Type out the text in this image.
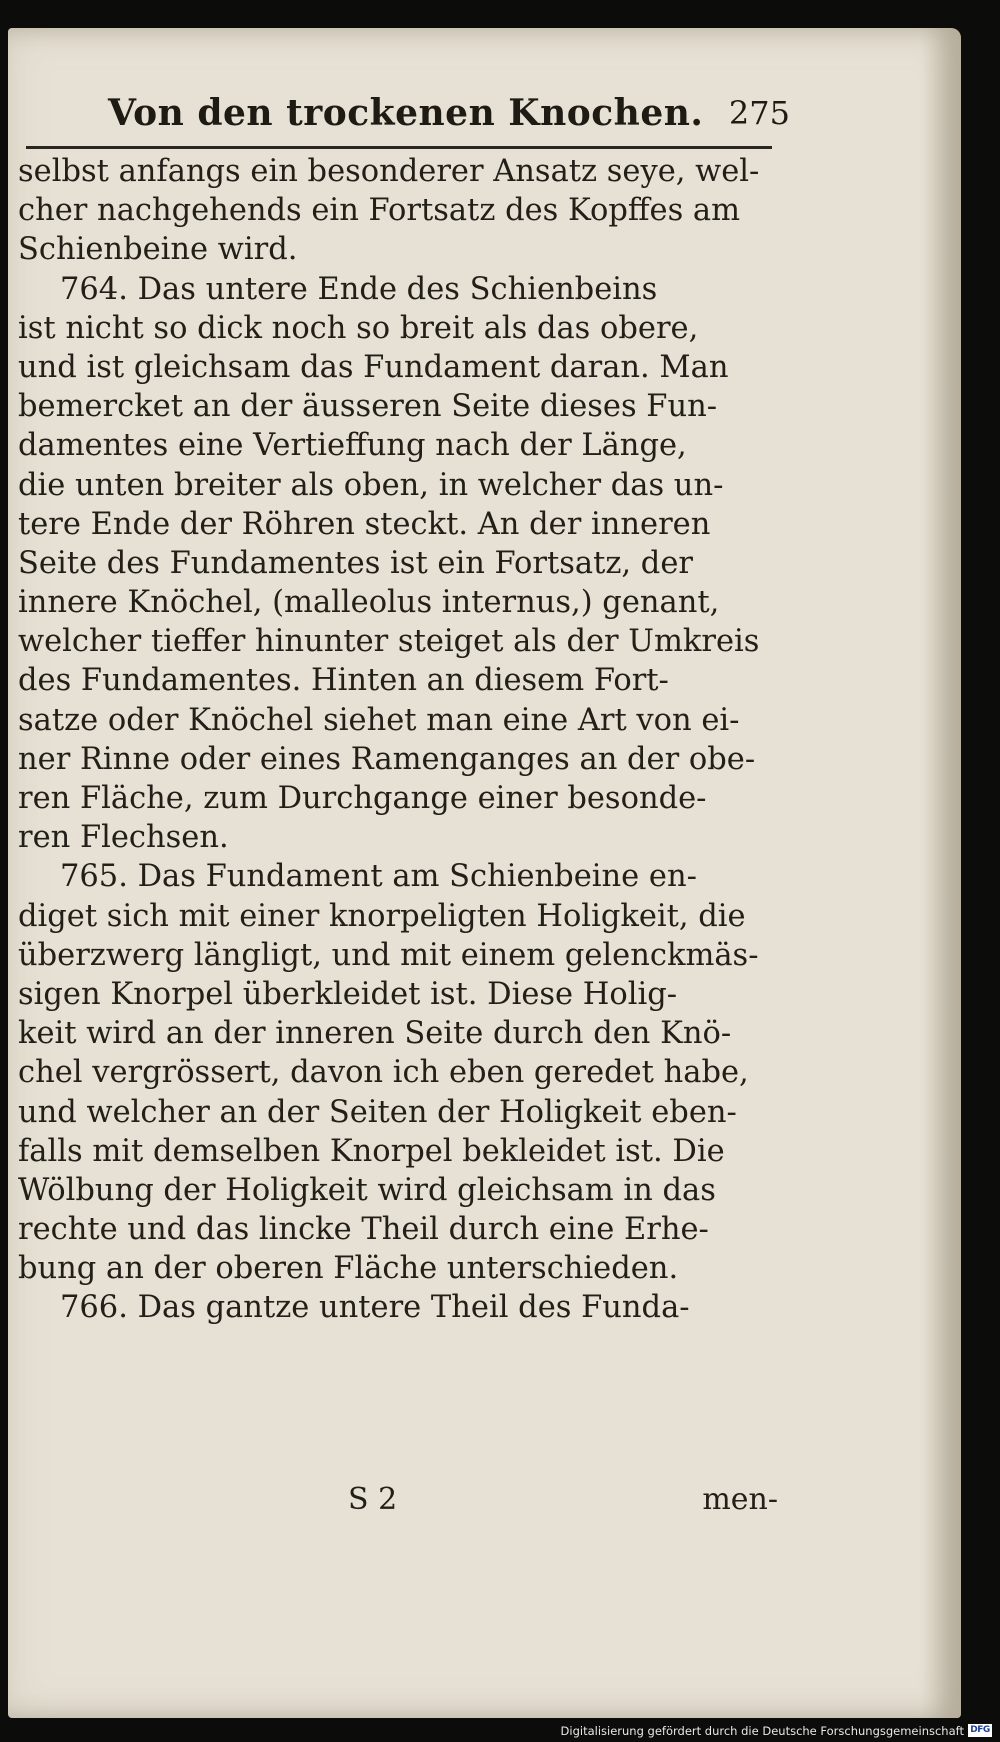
Von den trockenen Knochen. 275
selbst anfangs ein besonderer Ansatz seye, wel-
cher nachgehends ein Fortsatz des Kopffes am
Schienbeine wird.
764. Das untere Ende des Schienbeins
ist nicht so dick noch so breit als das obere,
und ist gleichsam das Fundament daran. Man
bemercket an der äusseren Seite dieses Fun-
damentes eine Vertieffung nach der Länge,
die unten breiter als oben, in welcher das un-
tere Ende der Röhren steckt. An der inneren
Seite des Fundamentes ist ein Fortsatz, der
innere Knöchel, (malleolus internus,) genant,
welcher tieffer hinunter steiget als der Umkreis
des Fundamentes. Hinten an diesem Fort-
satze oder Knöchel siehet man eine Art von ei-
ner Rinne oder eines Ramenganges an der obe-
ren Fläche, zum Durchgange einer besonde-
ren Flechsen.
765. Das Fundament am Schienbeine en-
diget sich mit einer knorpeligten Holigkeit, die
überzwerg längligt, und mit einem gelenckmäs-
sigen Knorpel überkleidet ist. Diese Holig-
keit wird an der inneren Seite durch den Knö-
chel vergrössert, davon ich eben geredet habe,
und welcher an der Seiten der Holigkeit eben-
falls mit demselben Knorpel bekleidet ist. Die
Wölbung der Holigkeit wird gleichsam in das
rechte und das lincke Theil durch eine Erhe-
bung an der oberen Fläche unterschieden.
766. Das gantze untere Theil des Funda-
S 2	men-
Digitalisierung gefördert durch die Deutsche Forschungsgemeinschaft DFG
